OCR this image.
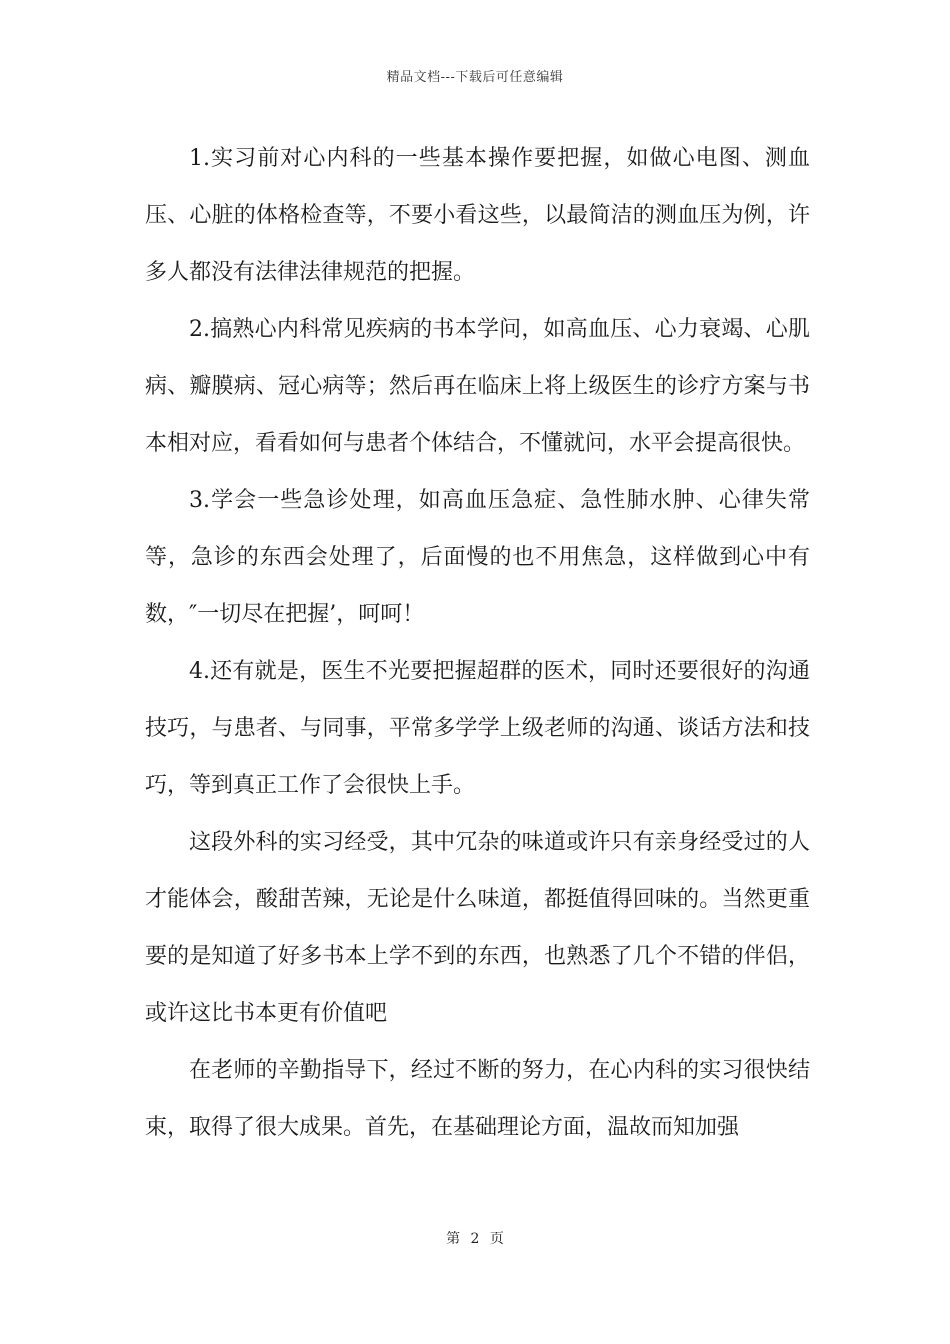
精品文档---下载后可任意编辑

1.实习前对心内科的一些基本操作要把握，如做心电图、测血压、心脏的体格检查等，不要小看这些，以最简洁的测血压为例，许多人都没有法律法律规范的把握。

2.搞熟心内科常见疾病的书本学问，如高血压、心力衰竭、心肌病、瓣膜病、冠心病等；然后再在临床上将上级医生的诊疗方案与书本相对应，看看如何与患者个体结合，不懂就问，水平会提高很快。

3.学会一些急诊处理，如高血压急症、急性肺水肿、心律失常等，急诊的东西会处理了，后面慢的也不用焦急，这样做到心中有数，″一切尽在把握’，呵呵！

4.还有就是，医生不光要把握超群的医术，同时还要很好的沟通技巧，与患者、与同事，平常多学学上级老师的沟通、谈话方法和技巧，等到真正工作了会很快上手。

这段外科的实习经受，其中冗杂的味道或许只有亲身经受过的人才能体会，酸甜苦辣，无论是什么味道，都挺值得回味的。当然更重要的是知道了好多书本上学不到的东西，也熟悉了几个不错的伴侣，或许这比书本更有价值吧

在老师的辛勤指导下，经过不断的努力，在心内科的实习很快结束，取得了很大成果。首先，在基础理论方面，温故而知加强

第 2 页
